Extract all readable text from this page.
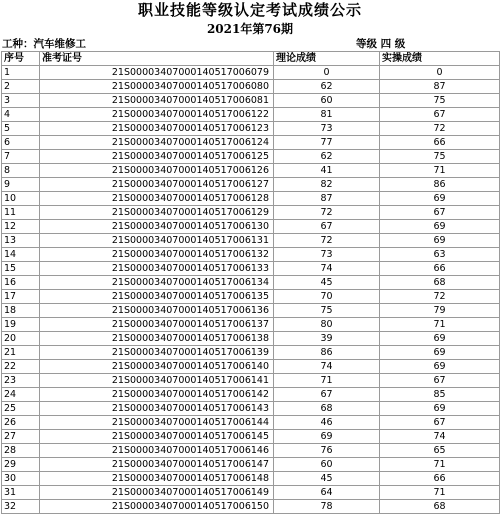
职业技能等级认定考试成绩公示
2021年第76期
工种：汽车维修工	等级 四 级
序号	准考证号	理论成绩	实操成绩
1	21S00003407000140517006079	0	0
2	21S00003407000140517006080	62	87
3	21S00003407000140517006081	60	75
4	21S00003407000140517006122	81	67
5	21S00003407000140517006123	73	72
6	21S00003407000140517006124	77	66
7	21S00003407000140517006125	62	75
8	21S00003407000140517006126	41	71
9	21S00003407000140517006127	82	86
10	21S00003407000140517006128	87	69
11	21S00003407000140517006129	72	67
12	21S00003407000140517006130	67	69
13	21S00003407000140517006131	72	69
14	21S00003407000140517006132	73	63
15	21S00003407000140517006133	74	66
16	21S00003407000140517006134	45	68
17	21S00003407000140517006135	70	72
18	21S00003407000140517006136	75	79
19	21S00003407000140517006137	80	71
20	21S00003407000140517006138	39	69
21	21S00003407000140517006139	86	69
22	21S00003407000140517006140	74	69
23	21S00003407000140517006141	71	67
24	21S00003407000140517006142	67	85
25	21S00003407000140517006143	68	69
26	21S00003407000140517006144	46	67
27	21S00003407000140517006145	69	74
28	21S00003407000140517006146	76	65
29	21S00003407000140517006147	60	71
30	21S00003407000140517006148	45	66
31	21S00003407000140517006149	64	71
32	21S00003407000140517006150	78	68
